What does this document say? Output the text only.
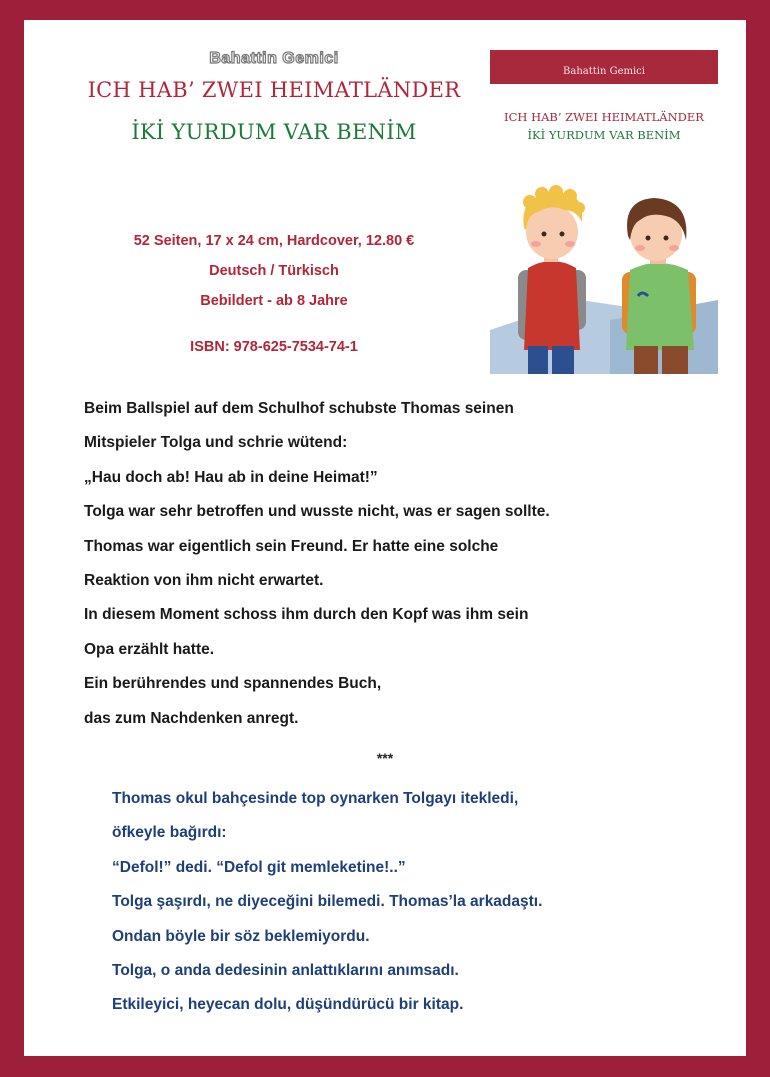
Bahattin Gemici
ICH HAB’ ZWEI HEIMATLÄNDER
İKİ YURDUM VAR BENİM
52 Seiten, 17 x 24 cm, Hardcover, 12.80 €
Deutsch / Türkisch
Bebildert - ab 8 Jahre
ISBN: 978-625-7534-74-1
Bahattin Gemici
ICH HAB’ ZWEI HEIMATLÄNDER
İKİ YURDUM VAR BENİM
Beim Ballspiel auf dem Schulhof schubste Thomas seinen
Mitspieler Tolga und schrie wütend:
„Hau doch ab! Hau ab in deine Heimat!”
Tolga war sehr betroffen und wusste nicht, was er sagen sollte.
Thomas war eigentlich sein Freund. Er hatte eine solche
Reaktion von ihm nicht erwartet.
In diesem Moment schoss ihm durch den Kopf was ihm sein
Opa erzählt hatte.
Ein berührendes und spannendes Buch,
das zum Nachdenken anregt.
***
Thomas okul bahçesinde top oynarken Tolgayı itekledi,
öfkeyle bağırdı:
“Defol!” dedi. “Defol git memleketine!..”
Tolga şaşırdı, ne diyeceğini bilemedi. Thomas’la arkadaştı.
Ondan böyle bir söz beklemiyordu.
Tolga, o anda dedesinin anlattıklarını anımsadı.
Etkileyici, heyecan dolu, düşündürücü bir kitap.
